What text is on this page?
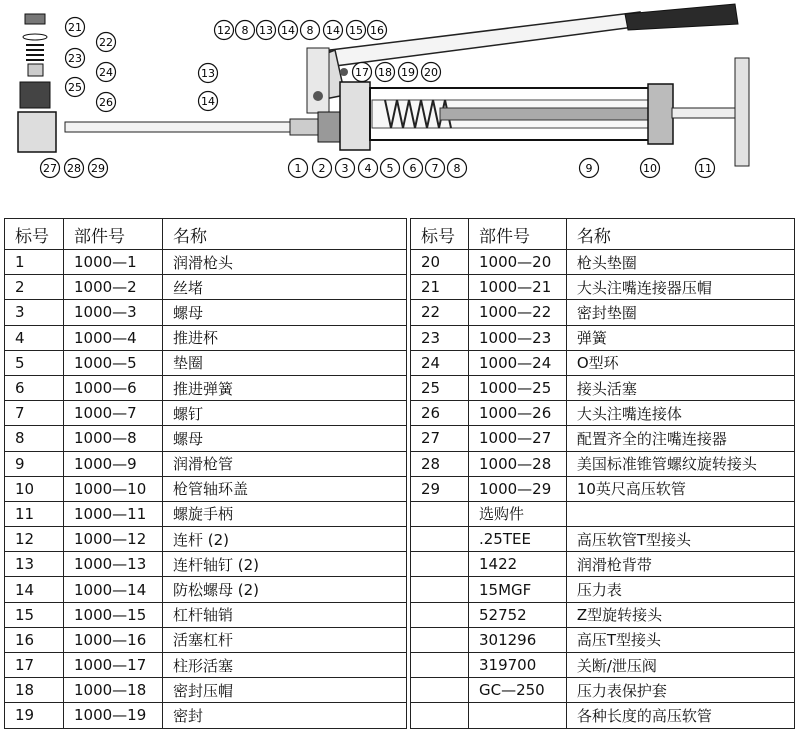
12 8 13 14 8 14 15 16
17 18 19 20
21
22
23
24
25
26
13
14
1 2 3 4 5 6 7 8	9	10	11
27 28 29
标号	部件号	名称
1	1000—1	润滑枪头
2	1000—2	丝堵
3	1000—3	螺母
4	1000—4	推进杯
5	1000—5	垫圈
6	1000—6	推进弹簧
7	1000—7	螺钉
8	1000—8	螺母
9	1000—9	润滑枪管
10	1000—10	枪管轴环盖
11	1000—11	螺旋手柄
12	1000—12	连杆 (2)
13	1000—13	连杆轴钉 (2)
14	1000—14	防松螺母 (2)
15	1000—15	杠杆轴销
16	1000—16	活塞杠杆
17	1000—17	柱形活塞
18	1000—18	密封压帽
19	1000—19	密封
标号	部件号	名称
20	1000—20	枪头垫圈
21	1000—21	大头注嘴连接器压帽
22	1000—22	密封垫圈
23	1000—23	弹簧
24	1000—24	O型环
25	1000—25	接头活塞
26	1000—26	大头注嘴连接体
27	1000—27	配置齐全的注嘴连接器
28	1000—28	美国标准锥管螺纹旋转接头
29	1000—29	10英尺高压软管
	选购件	
	.25TEE	高压软管T型接头
	1422	润滑枪背带
	15MGF	压力表
	52752	Z型旋转接头
	301296	高压T型接头
	319700	关断/泄压阀
	GC—250	压力表保护套
		各种长度的高压软管
